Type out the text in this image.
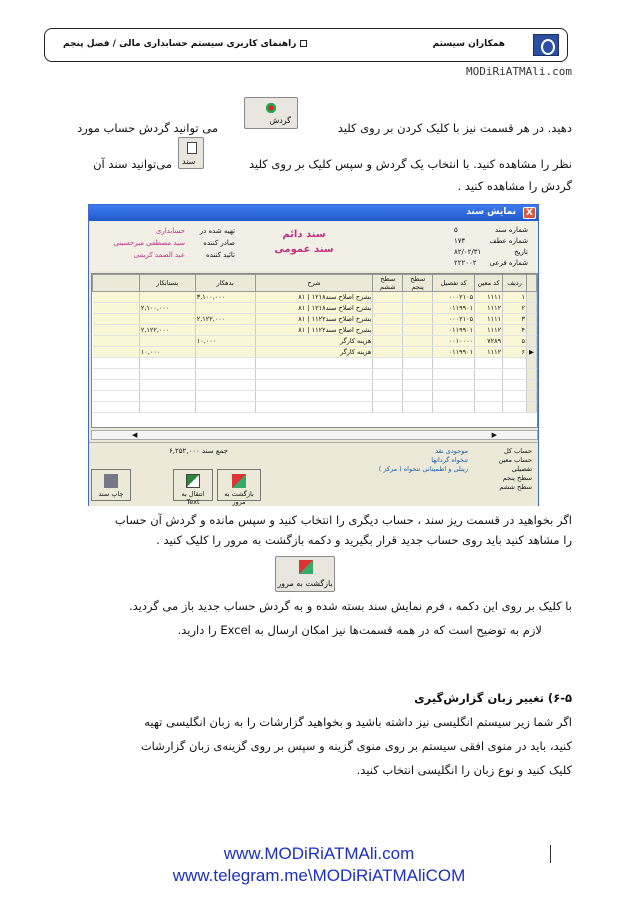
راهنمای کاربری سیستم حسابداری مالی / فصل پنجم	همکاران سیستم
MODiRiATMAli.com
دهید. در هر قسمت نیز با کلیک کردن بر روی کلید
گردش
می توانید گردش حساب مورد
نظر را مشاهده کنید. با انتخاب یک گردش و سپس کلیک بر روی کلید
سند
می‌توانید سند آن
گردش را مشاهده کنید .
نمایش سند	X
شماره سند
۵
شماره عطف
۱۷۴
تاریخ
۸۲/۰۲/۳۱
شماره فرعی
۲۲۲۰۰۲
سند دائم
سند عمومی
تهیه شده در
حسابداری
صادر کننده
سید مصطفی میرحسینی
تائید کننده
عبد الصمد کریمی
	ردیف	کد معین	کد تفصیل	سطح پنجم	سطح ششم	شرح	بدهکار	بستانکار	
	۱	۱۱۱۱	۰۰۰۲۱۰۵			بشرح اصلاح سند۱۲۱۸ | ۸۱	۳,۱۰۰,۰۰۰		
	۲	۱۱۱۲	۰۱۱۹۹۰۱			بشرح اصلاح سند۱۲۱۸ | ۸۱		۲,۱۰۰,۰۰۰	
	۳	۱۱۱۱	۰۰۰۲۱۰۵			بشرح اصلاح سند۱۱۲۲ | ۸۱	۲,۱۲۲,۰۰۰		
	۴	۱۱۱۲	۰۱۱۹۹۰۱			بشرح اصلاح سند۱۱۲۲ | ۸۱		۲,۱۲۲,۰۰۰	
	۵	۷۲۸۹	۰۰۱۰۰۰۰			هزینه کارگر	۱۰,۰۰۰		
▶	۶	۱۱۱۲	۰۱۱۹۹۰۱			هزینه کارگر		۱۰,۰۰۰	

◀	▶
حساب کل
حساب معین
تفصیلی
سطح پنجم
سطح ششم
موجودی نقد
تنخواه گردانها
زینلی و اطمینانی تنخواه ( مرکز )
جمع سند ۶,۲۵۲,۰۰۰
چاپ سند	انتقال به Text
بازگشت به مرور
اگر بخواهید در قسمت ریز سند ، حساب دیگری را انتخاب کنید و سپس مانده و گردش آن حساب
را مشاهد کنید باید روی حساب جدید قرار بگیرید و دکمه بازگشت به مرور را کلیک کنید .
بازگشت به مرور
با کلیک بر روی این دکمه ، فرم نمایش سند بسته شده و به گردش حساب جدید باز می گردید.
لازم به توضیح است که در همه قسمت‌ها نیز امکان ارسال به Excel را دارید.
۶-۵) تغییر زبان گزارش‌گیری
اگر شما زیر سیستم انگلیسی نیز داشته باشید و بخواهید گزارشات را به زبان انگلیسی تهیه
کنید، باید در منوی افقی سیستم بر روی منوی گزینه و سپس بر روی گزینه‌ی زبان گزارشات
کلیک کنید و نوع زبان را انگلیسی انتخاب کنید.
www.MODiRiATMAli.com
www.telegram.me\MODiRiATMAliCOM
